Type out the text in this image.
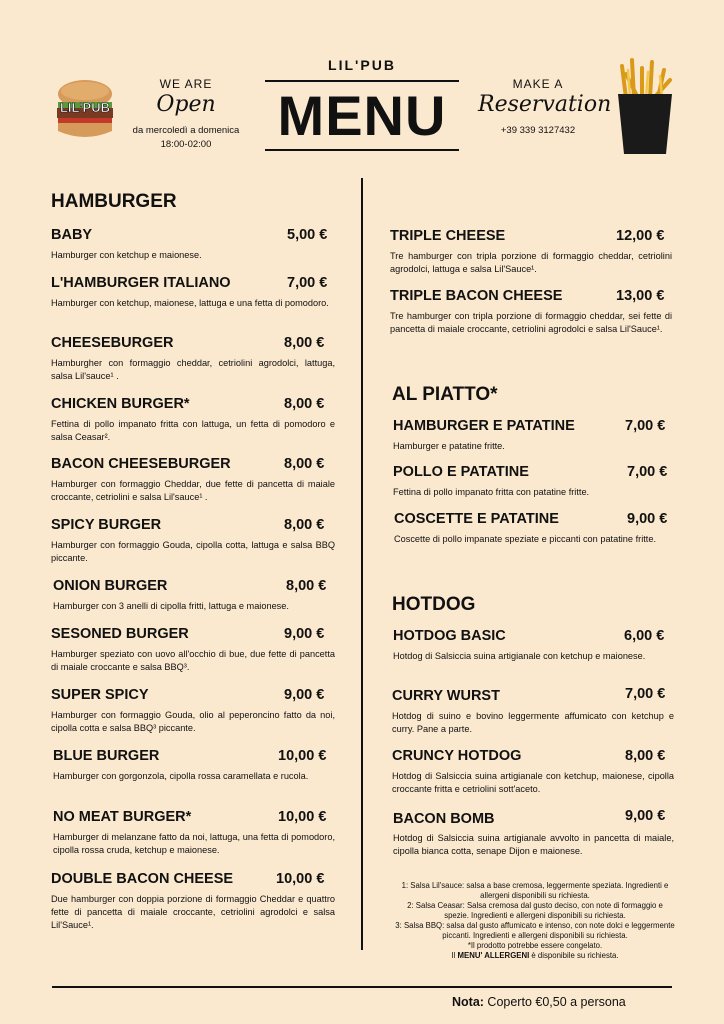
LIL'PUB
WE ARE
Open
da mercoledì a domenica
18:00-02:00
LIL'PUB
MENU	MAKE A
Reservation
+39 339 3127432
HAMBURGER
BABY	5,00 €
Hamburger con ketchup e maionese.
L'HAMBURGER ITALIANO	7,00 €
Hamburger con ketchup, maionese, lattuga e una fetta di pomodoro.
CHEESEBURGER	8,00 €
Hamburgher con formaggio cheddar, cetriolini agrodolci, lattuga, salsa Lil'sauce¹ .
CHICKEN BURGER*	8,00 €
Fettina di pollo impanato fritta con lattuga, un fetta di pomodoro e salsa Ceasar².
BACON CHEESEBURGER	8,00 €
Hamburger con formaggio Cheddar, due fette di pancetta di maiale croccante, cetriolini e salsa Lil'sauce¹ .
SPICY BURGER	8,00 €
Hamburger con formaggio Gouda, cipolla cotta, lattuga e salsa BBQ piccante.
ONION BURGER	8,00 €
Hamburger con 3 anelli di cipolla fritti, lattuga e maionese.
SESONED BURGER	9,00 €
Hamburger speziato con uovo all'occhio di bue, due fette di pancetta di maiale croccante e salsa BBQ³.
SUPER SPICY	9,00 €
Hamburger con formaggio Gouda, olio al peperoncino fatto da noi, cipolla cotta e salsa BBQ³ piccante.
BLUE BURGER	10,00 €
Hamburger con gorgonzola, cipolla rossa caramellata e rucola.
NO MEAT BURGER*	10,00 €
Hamburger di melanzane fatto da noi, lattuga, una fetta di pomodoro, cipolla rossa cruda, ketchup e maionese.
DOUBLE BACON CHEESE	10,00 €
Due hamburger con doppia porzione di formaggio Cheddar e quattro fette di pancetta di maiale croccante, cetriolini agrodolci e salsa Lil'Sauce¹.
TRIPLE CHEESE	12,00 €
Tre hamburger con tripla porzione di formaggio cheddar, cetriolini agrodolci, lattuga e salsa Lil'Sauce¹.
TRIPLE BACON CHEESE	13,00 €
Tre hamburger con tripla porzione di formaggio cheddar, sei fette di pancetta di maiale croccante, cetriolini agrodolci e salsa Lil'Sauce¹.
AL PIATTO*
HAMBURGER E PATATINE	7,00 €
Hamburger e patatine fritte.
POLLO E PATATINE	7,00 €
Fettina di pollo impanato fritta con patatine fritte.
COSCETTE E PATATINE	9,00 €
Coscette di pollo impanate speziate e piccanti con patatine fritte.
HOTDOG
HOTDOG BASIC	6,00 €
Hotdog di Salsiccia suina artigianale con ketchup e maionese.
CURRY WURST	7,00 €
Hotdog di suino e bovino leggermente affumicato con ketchup e curry. Pane a parte.
CRUNCY HOTDOG	8,00 €
Hotdog di Salsiccia suina artigianale con ketchup, maionese, cipolla croccante fritta e cetriolini sott'aceto.
BACON BOMB	9,00 €
Hotdog di Salsiccia suina artigianale avvolto in pancetta di maiale, cipolla bianca cotta, senape Dijon e maionese.
1: Salsa Lil'sauce: salsa a base cremosa, leggermente speziata. Ingredienti e allergeni disponibili su richiesta.
2: Salsa Ceasar: Salsa cremosa dal gusto deciso, con note di formaggio e spezie. Ingredienti e allergeni disponibili su richiesta.
3: Salsa BBQ: salsa dal gusto affumicato e intenso, con note dolci e leggermente piccanti. Ingredienti e allergeni disponibili su richiesta.
*Il prodotto potrebbe essere congelato.
Il MENU' ALLERGENI è disponibile su richiesta.
Nota: Coperto €0,50 a persona
